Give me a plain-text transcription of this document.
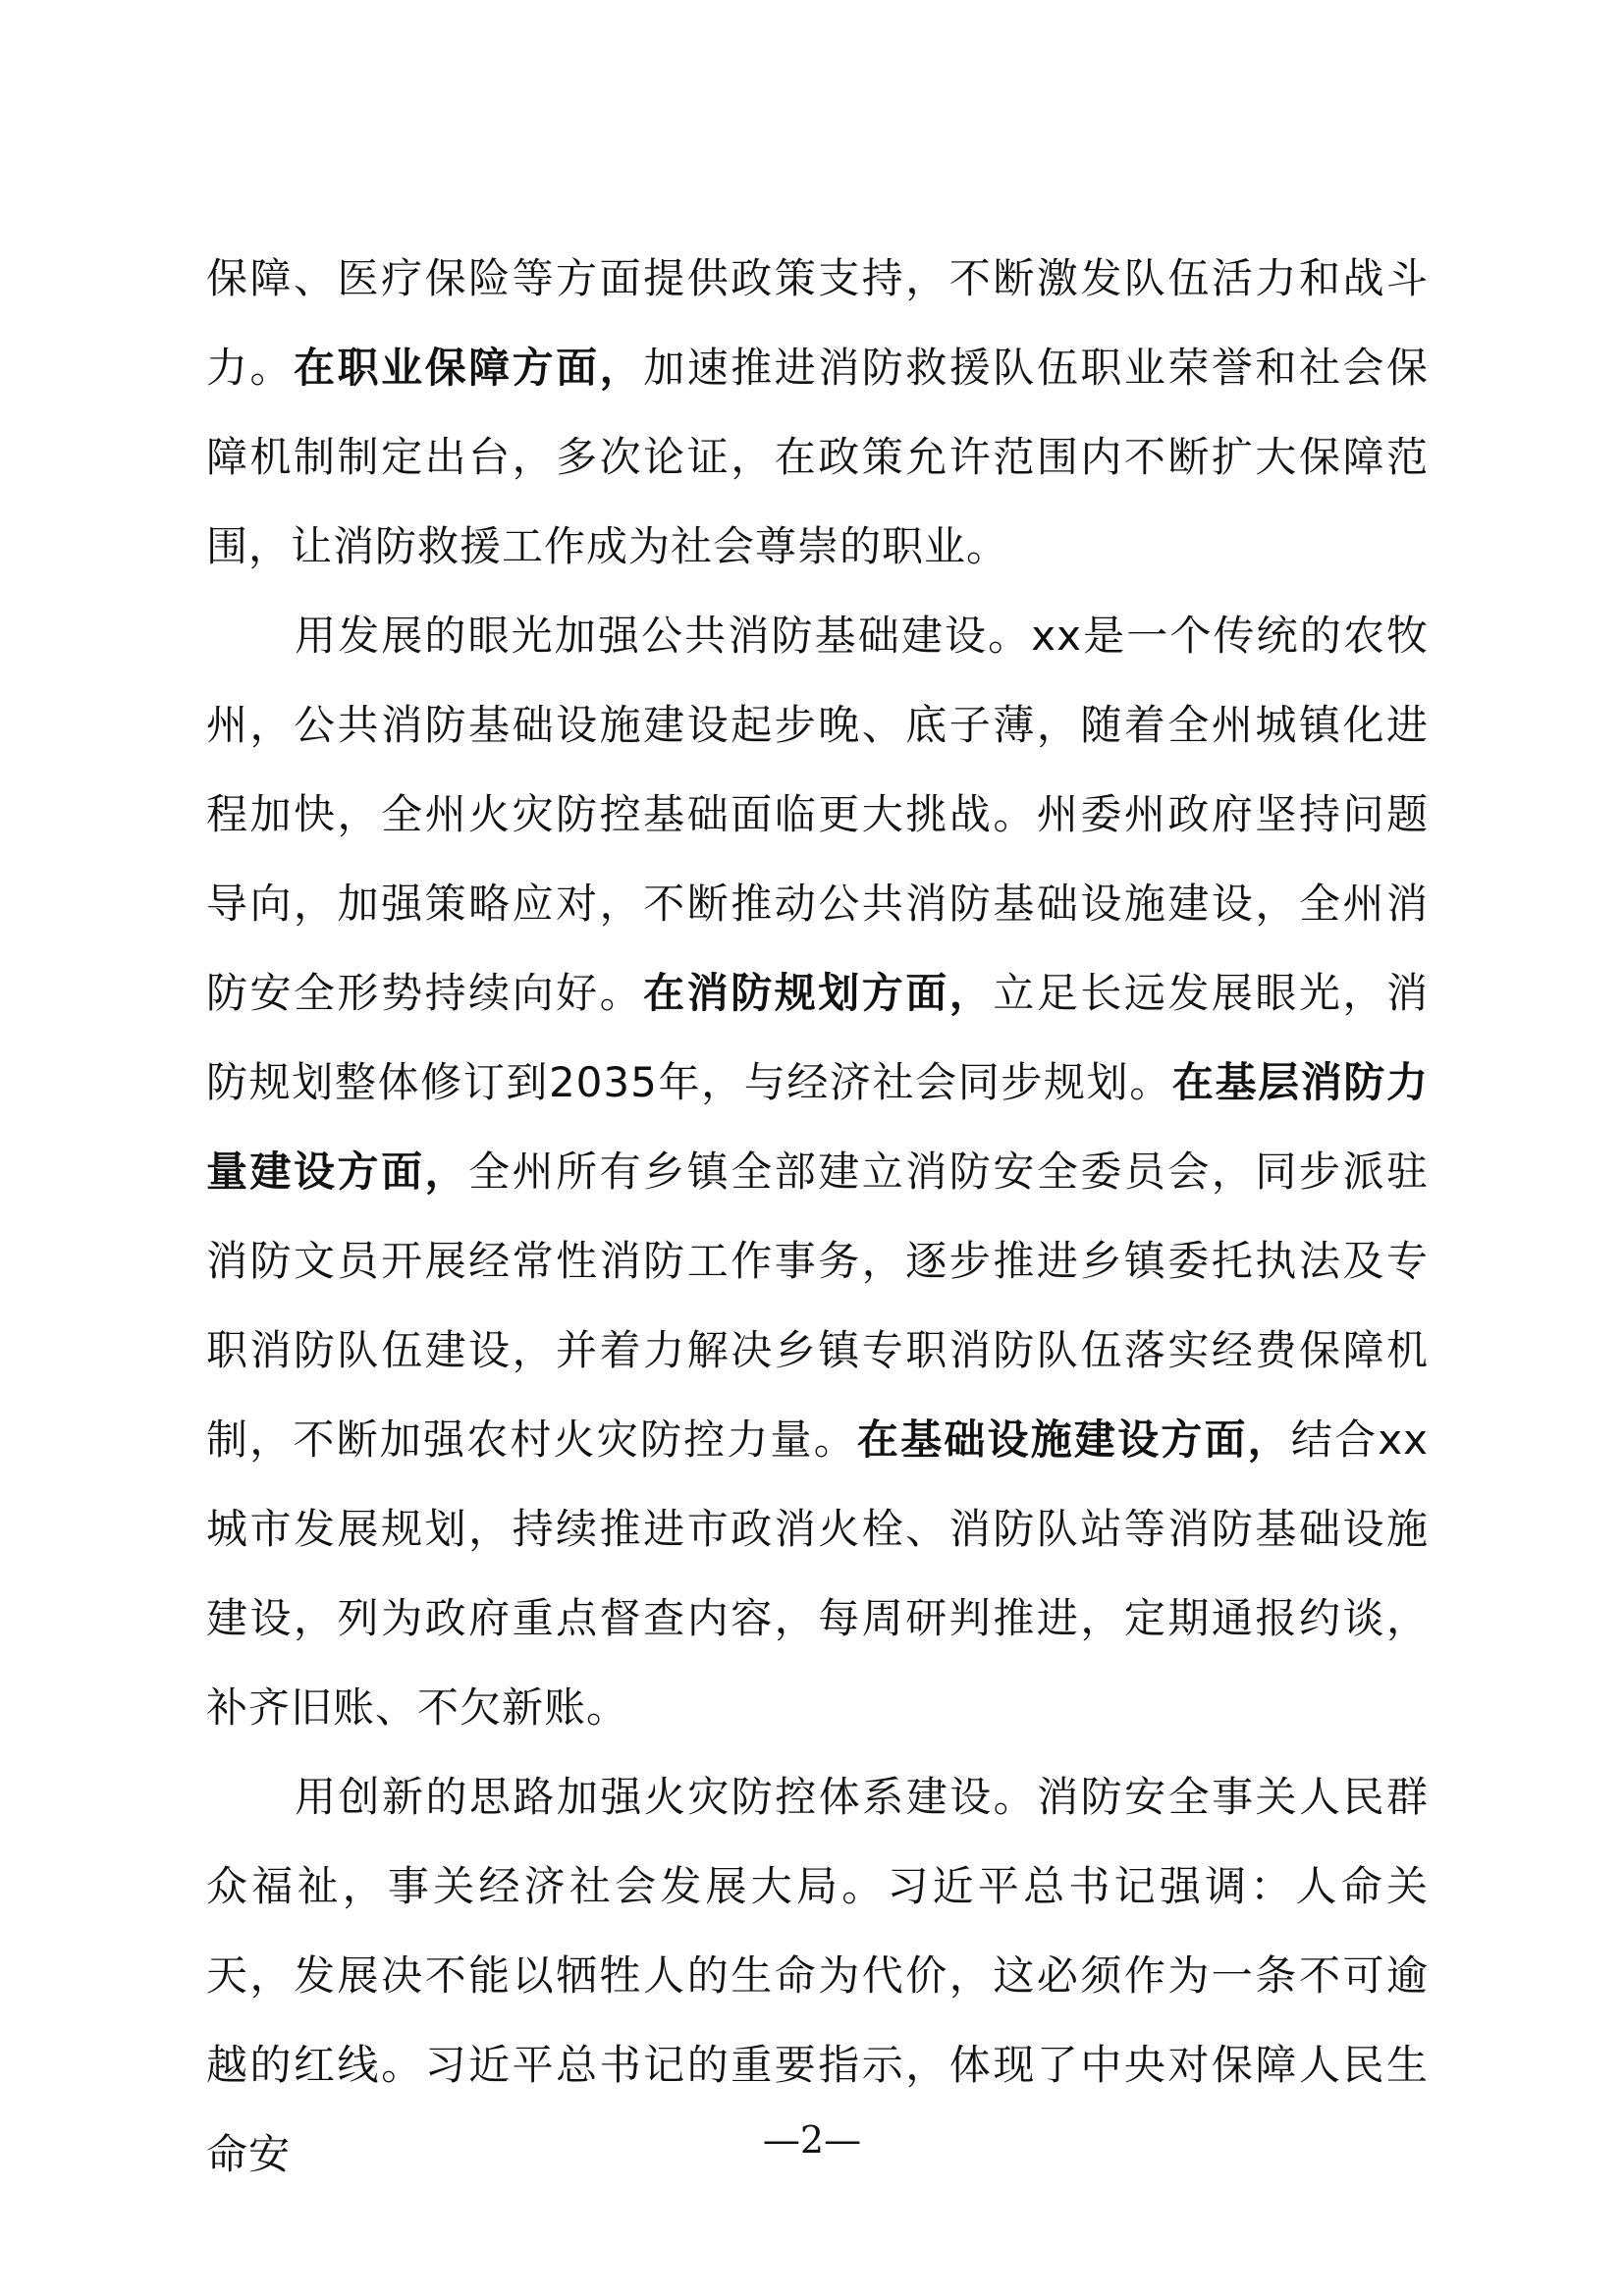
保障、医疗保险等方面提供政策支持，不断激发队伍活力和战斗力。在职业保障方面，加速推进消防救援队伍职业荣誉和社会保障机制制定出台，多次论证，在政策允许范围内不断扩大保障范围，让消防救援工作成为社会尊崇的职业。

用发展的眼光加强公共消防基础建设。xx是一个传统的农牧州，公共消防基础设施建设起步晚、底子薄，随着全州城镇化进程加快，全州火灾防控基础面临更大挑战。州委州政府坚持问题导向，加强策略应对，不断推动公共消防基础设施建设，全州消防安全形势持续向好。在消防规划方面，立足长远发展眼光，消防规划整体修订到2035年，与经济社会同步规划。在基层消防力量建设方面，全州所有乡镇全部建立消防安全委员会，同步派驻消防文员开展经常性消防工作事务，逐步推进乡镇委托执法及专职消防队伍建设，并着力解决乡镇专职消防队伍落实经费保障机制，不断加强农村火灾防控力量。在基础设施建设方面，结合xx城市发展规划，持续推进市政消火栓、消防队站等消防基础设施建设，列为政府重点督查内容，每周研判推进，定期通报约谈，补齐旧账、不欠新账。

用创新的思路加强火灾防控体系建设。消防安全事关人民群众福祉，事关经济社会发展大局。习近平总书记强调：人命关天，发展决不能以牺牲人的生命为代价，这必须作为一条不可逾越的红线。习近平总书记的重要指示，体现了中央对保障人民生命安	—2—
